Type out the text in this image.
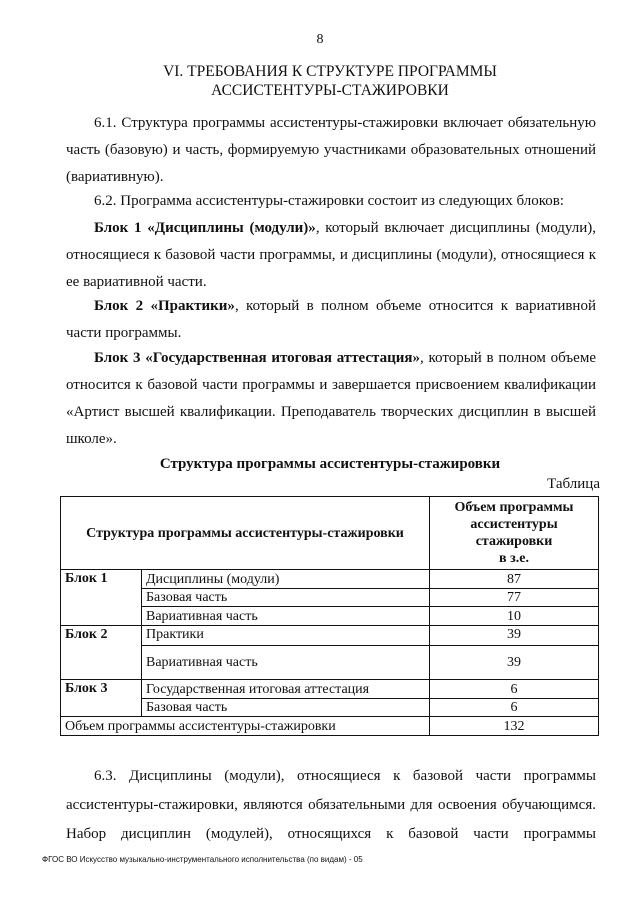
8
VI. ТРЕБОВАНИЯ К СТРУКТУРЕ ПРОГРАММЫ
АССИСТЕНТУРЫ-СТАЖИРОВКИ

6.1. Структура программы ассистентуры-стажировки включает обязательную часть (базовую) и часть, формируемую участниками образовательных отношений (вариативную).

6.2. Программа ассистентуры-стажировки состоит из следующих блоков:

Блок 1 «Дисциплины (модули)», который включает дисциплины (модули), относящиеся к базовой части программы, и дисциплины (модули), относящиеся к ее вариативной части.

Блок 2 «Практики», который в полном объеме относится к вариативной части программы.

Блок 3 «Государственная итоговая аттестация», который в полном объеме относится к базовой части программы и завершается присвоением квалификации «Артист высшей квалификации. Преподаватель творческих дисциплин в высшей школе».

Структура программы ассистентуры-стажировки
Таблица
Структура программы ассистентуры-стажировки		Объем программы ассистентуры стажировки
в з.е.

Блок 1	Дисциплины (модули)	87
	Базовая часть	77
	Вариативная часть	10
Блок 2	Практики	39
	Вариативная часть	39
Блок 3	Государственная итоговая аттестация	6
	Базовая часть	6
Объем программы ассистентуры-стажировки		132
6.3. Дисциплины (модули), относящиеся к базовой части программы
ассистентуры-стажировки, являются обязательными для освоения обучающимся.
Набор дисциплин (модулей), относящихся к базовой части программы
ФГОС ВО Искусство музыкально-инструментального исполнительства (по видам) - 05
